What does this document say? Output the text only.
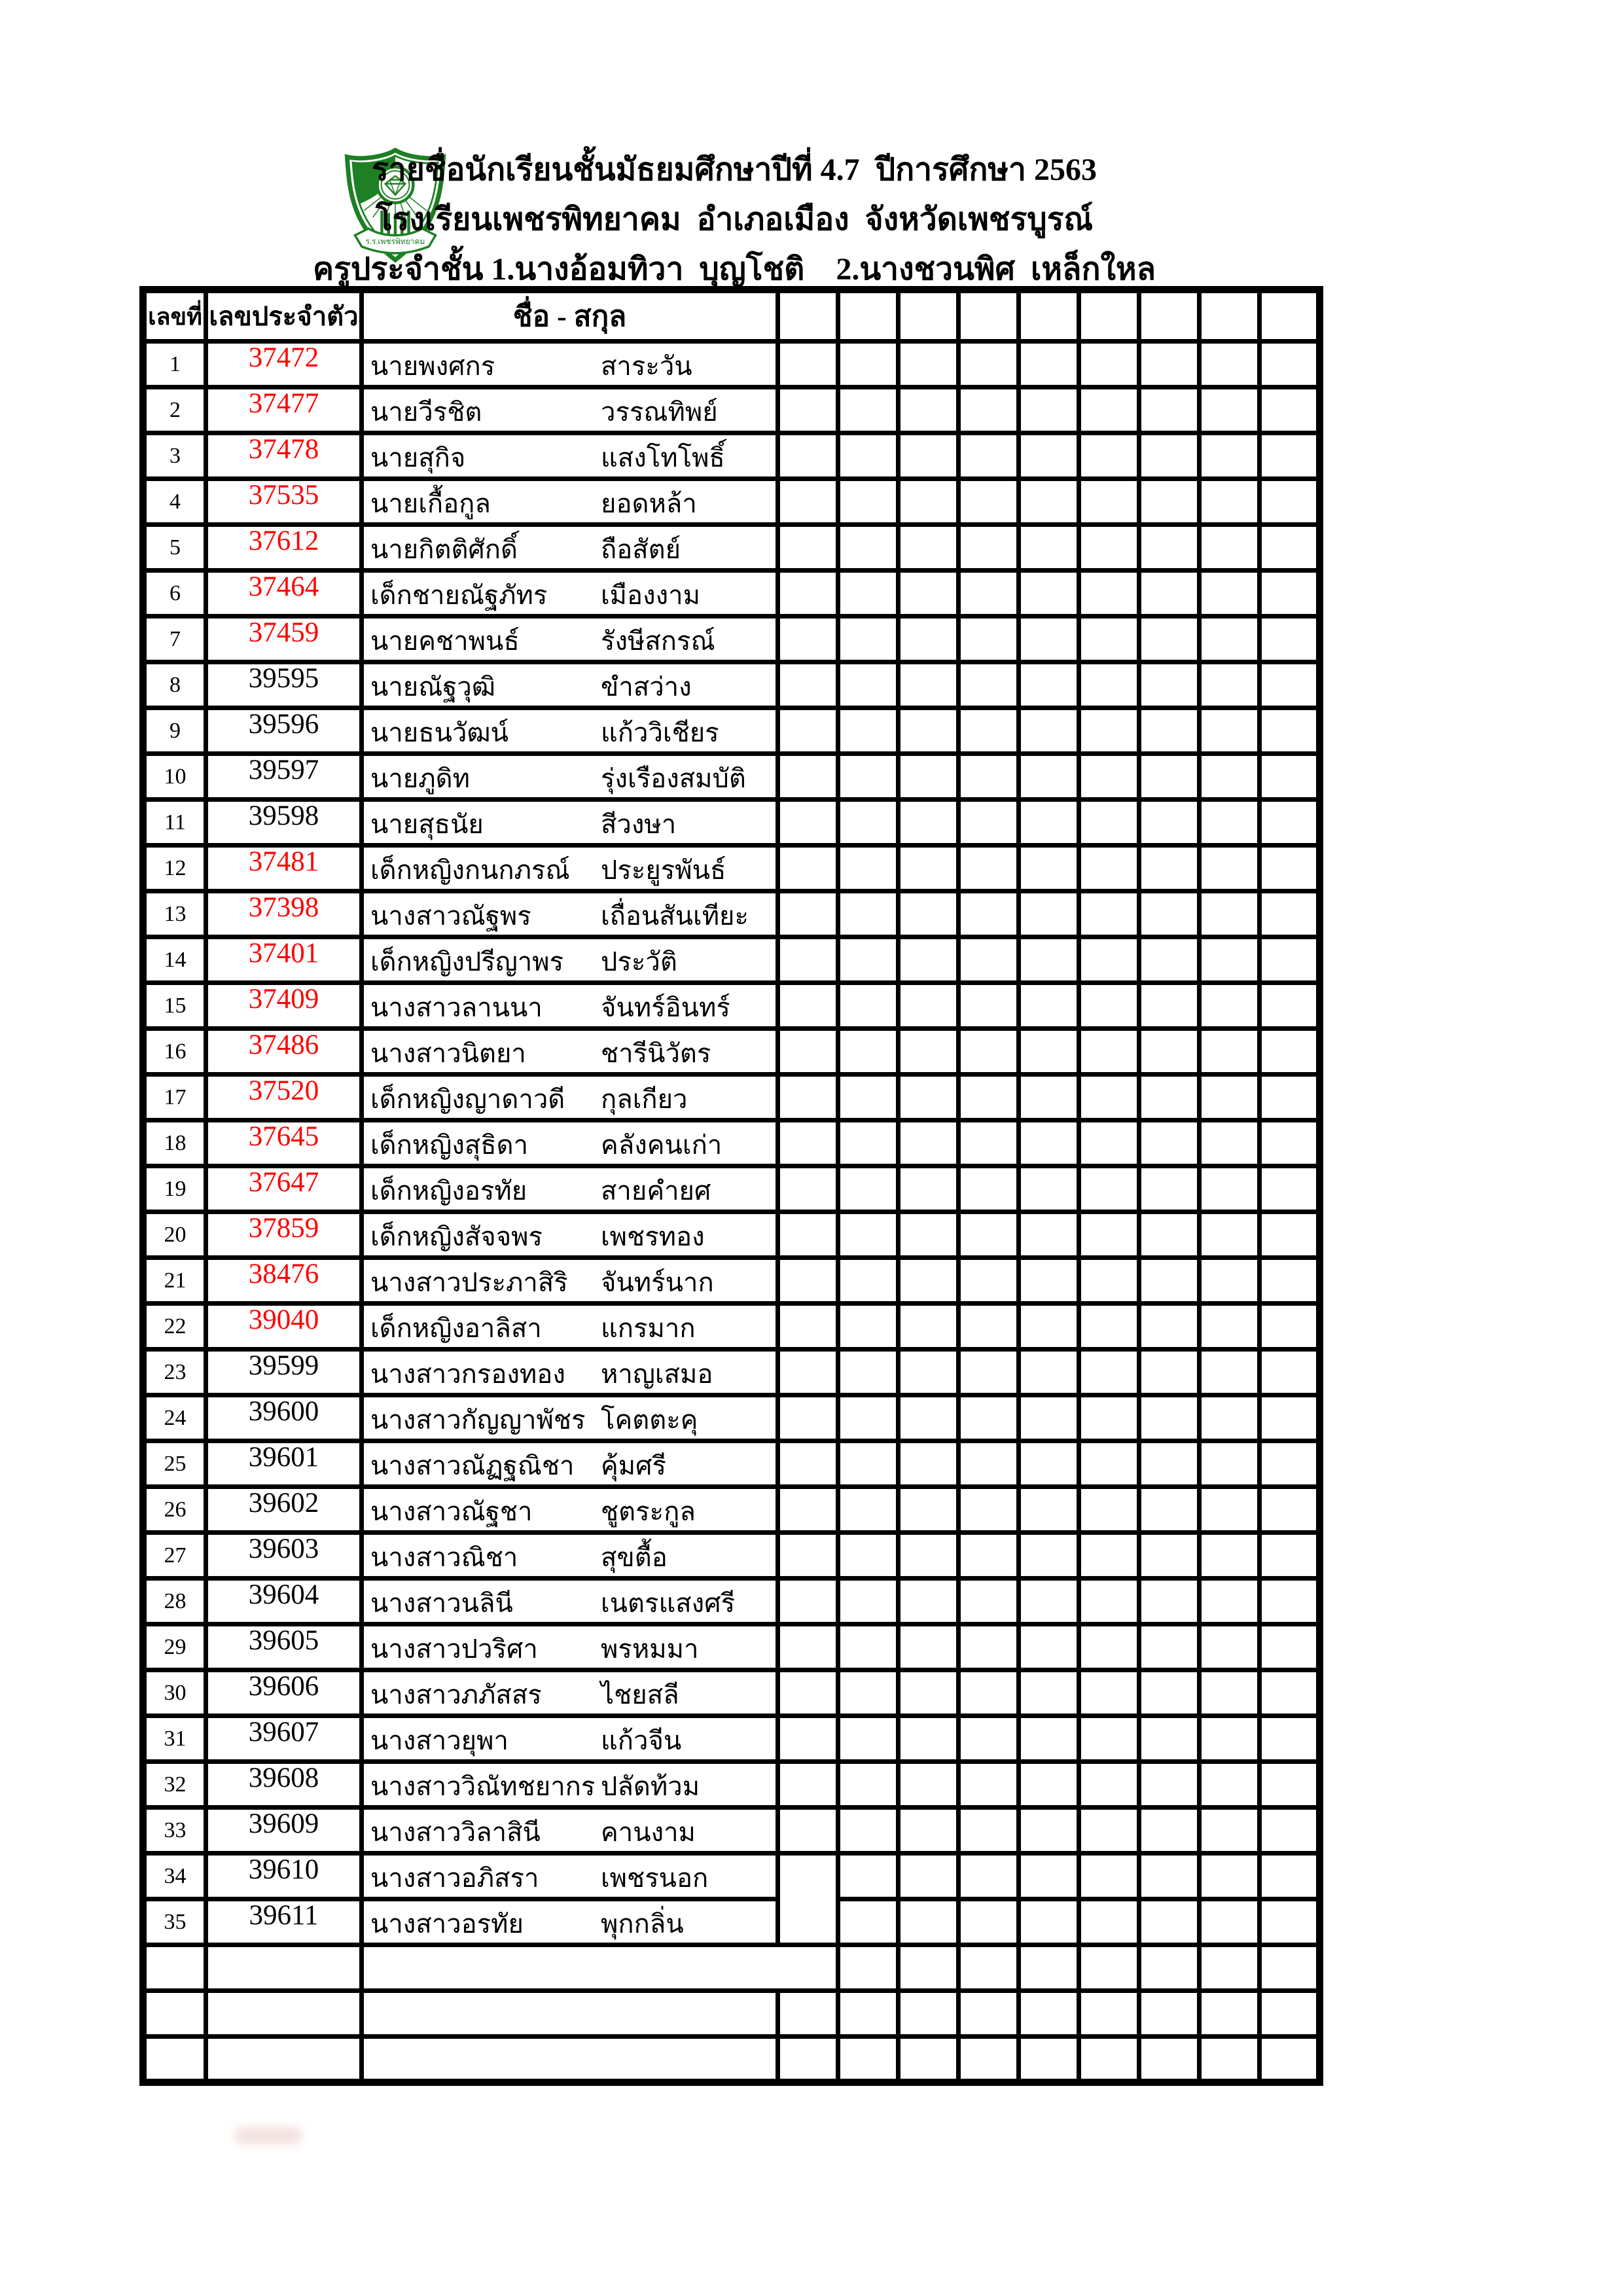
ร.ร.เพชรพิทยาคม
รายชื่อนักเรียนชั้นมัธยมศึกษาปีที่ 4.7  ปีการศึกษา 2563
โรงเรียนเพชรพิทยาคม  อำเภอเมือง  จังหวัดเพชรบูรณ์
ครูประจำชั้น 1.นางอ้อมทิวา  บุญโชติ    2.นางชวนพิศ  เหล็กใหล
เลขที่	เลขประจำตัว	ชื่อ - สกุล									
1	37472	นายพงศกร สาระวัน									

2	37477	นายวีรชิต วรรณทิพย์									

3	37478	นายสุกิจ แสงโทโพธิ์									

4	37535	นายเกื้อกูล ยอดหล้า									

5	37612	นายกิตติศักดิ์ ถือสัตย์									

6	37464	เด็กชายณัฐภัทร เมืองงาม									

7	37459	นายคชาพนธ์ รังษีสกรณ์									

8	39595	นายณัฐวุฒิ ขำสว่าง									

9	39596	นายธนวัฒน์ แก้ววิเชียร									

10	39597	นายภูดิท รุ่งเรืองสมบัติ									

11	39598	นายสุธนัย สีวงษา									

12	37481	เด็กหญิงกนกภรณ์ ประยูรพันธ์									

13	37398	นางสาวณัฐพร เถื่อนสันเทียะ									

14	37401	เด็กหญิงปรีญาพร ประวัติ									

15	37409	นางสาวลานนา จันทร์อินทร์									

16	37486	นางสาวนิตยา ชารีนิวัตร									

17	37520	เด็กหญิงญาดาวดี กุลเกียว									

18	37645	เด็กหญิงสุธิดา คลังคนเก่า									

19	37647	เด็กหญิงอรทัย สายคำยศ									

20	37859	เด็กหญิงสัจจพร เพชรทอง									

21	38476	นางสาวประภาสิริ จันทร์นาก									

22	39040	เด็กหญิงอาลิสา แกรมาก									

23	39599	นางสาวกรองทอง หาญเสมอ									

24	39600	นางสาวกัญญาพัชร โคตตะคุ									

25	39601	นางสาวณัฏฐณิชา คุ้มศรี									

26	39602	นางสาวณัฐชา ชูตระกูล									

27	39603	นางสาวณิชา สุขตื้อ									

28	39604	นางสาวนลินี เนตรแสงศรี									

29	39605	นางสาวปวริศา พรหมมา									

30	39606	นางสาวภภัสสร ไชยสลี									

31	39607	นางสาวยุพา แก้วจีน									

32	39608	นางสาววิณัทชยากร ปลัดท้วม									

33	39609	นางสาววิลาสินี คานงาม									

34	39610	นางสาวอภิสรา เพชรนอก									

35	39611	นางสาวอรทัย พุกกลิ่น									
